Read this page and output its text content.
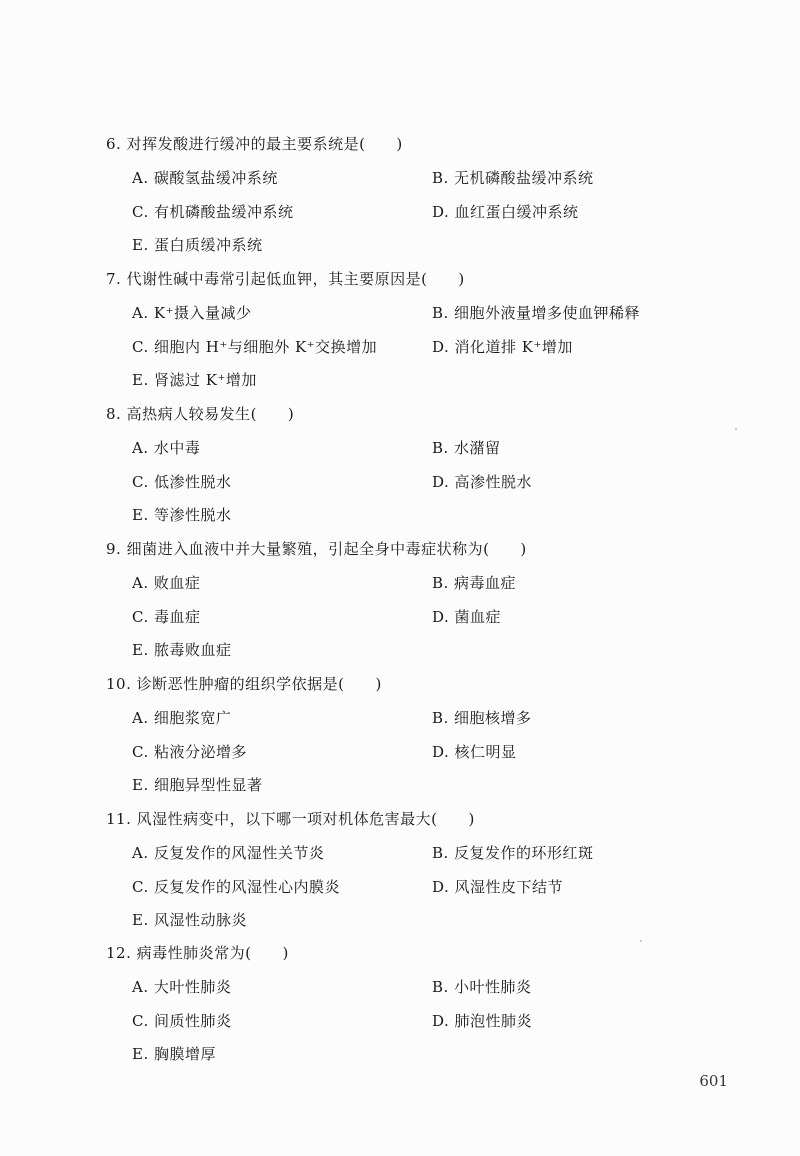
6. 对挥发酸进行缓冲的最主要系统是(　　)
A. 碳酸氢盐缓冲系统	B. 无机磷酸盐缓冲系统
C. 有机磷酸盐缓冲系统	D. 血红蛋白缓冲系统
E. 蛋白质缓冲系统
7. 代谢性碱中毒常引起低血钾，其主要原因是(　　)
A. K⁺摄入量减少	B. 细胞外液量增多使血钾稀释
C. 细胞内 H⁺与细胞外 K⁺交换增加	D. 消化道排 K⁺增加
E. 肾滤过 K⁺增加
8. 高热病人较易发生(　　)
A. 水中毒	B. 水潴留
C. 低渗性脱水	D. 高渗性脱水
E. 等渗性脱水
9. 细菌进入血液中并大量繁殖，引起全身中毒症状称为(　　)
A. 败血症	B. 病毒血症
C. 毒血症	D. 菌血症
E. 脓毒败血症
10. 诊断恶性肿瘤的组织学依据是(　　)
A. 细胞浆宽广	B. 细胞核增多
C. 粘液分泌增多	D. 核仁明显
E. 细胞异型性显著
11. 风湿性病变中，以下哪一项对机体危害最大(　　)
A. 反复发作的风湿性关节炎	B. 反复发作的环形红斑
C. 反复发作的风湿性心内膜炎	D. 风湿性皮下结节
E. 风湿性动脉炎
12. 病毒性肺炎常为(　　)
A. 大叶性肺炎	B. 小叶性肺炎
C. 间质性肺炎	D. 肺泡性肺炎
E. 胸膜增厚
601
